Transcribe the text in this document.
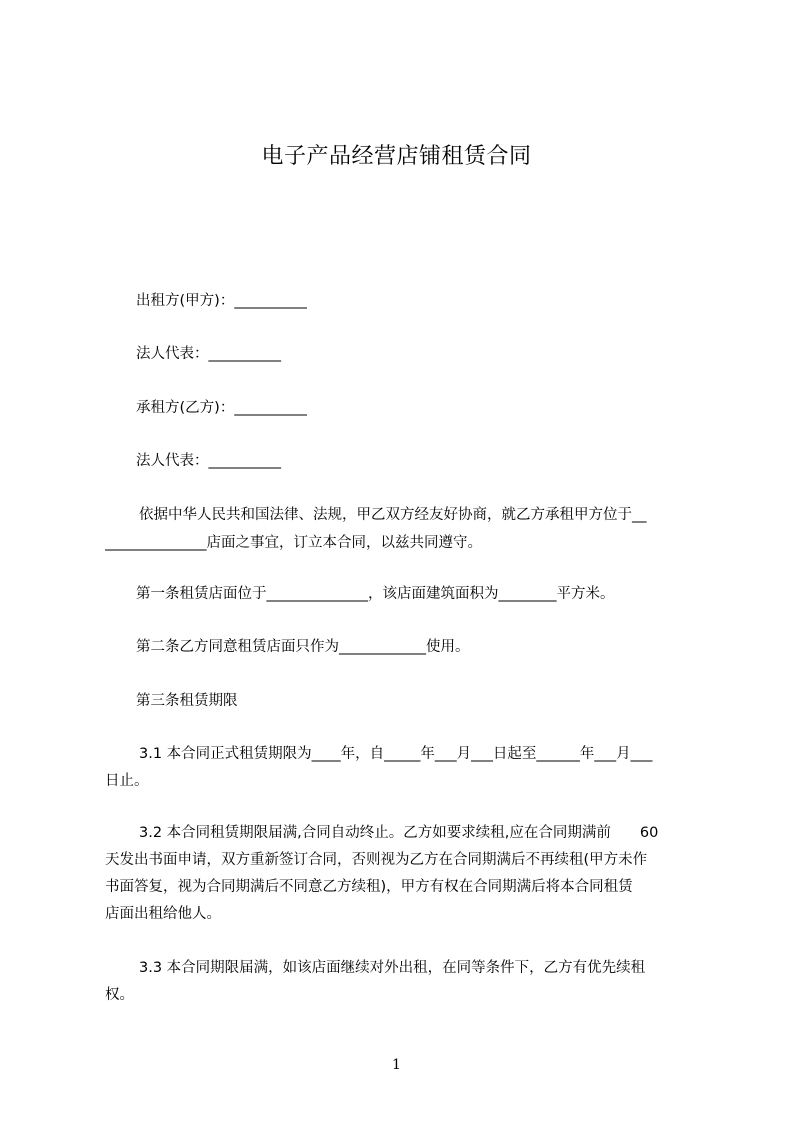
电子产品经营店铺租赁合同
出租方(甲方)：__________
法人代表：__________
承租方(乙方)：__________
法人代表：__________
依据中华人民共和国法律、法规，甲乙双方经友好协商，就乙方承租甲方位于__
______________店面之事宜，订立本合同，以兹共同遵守。
第一条租赁店面位于______________，该店面建筑面积为________平方米。
第二条乙方同意租赁店面只作为____________使用。
第三条租赁期限
3.1 本合同正式租赁期限为____年，自_____年___月___日起至______年___月___
日止。
3.2 本合同租赁期限届满,合同自动终止。乙方如要求续租,应在合同期满前　　60
天发出书面申请，双方重新签订合同，否则视为乙方在合同期满后不再续租(甲方未作
书面答复，视为合同期满后不同意乙方续租)，甲方有权在合同期满后将本合同租赁
店面出租给他人。
3.3 本合同期限届满，如该店面继续对外出租，在同等条件下，乙方有优先续租
权。
1
